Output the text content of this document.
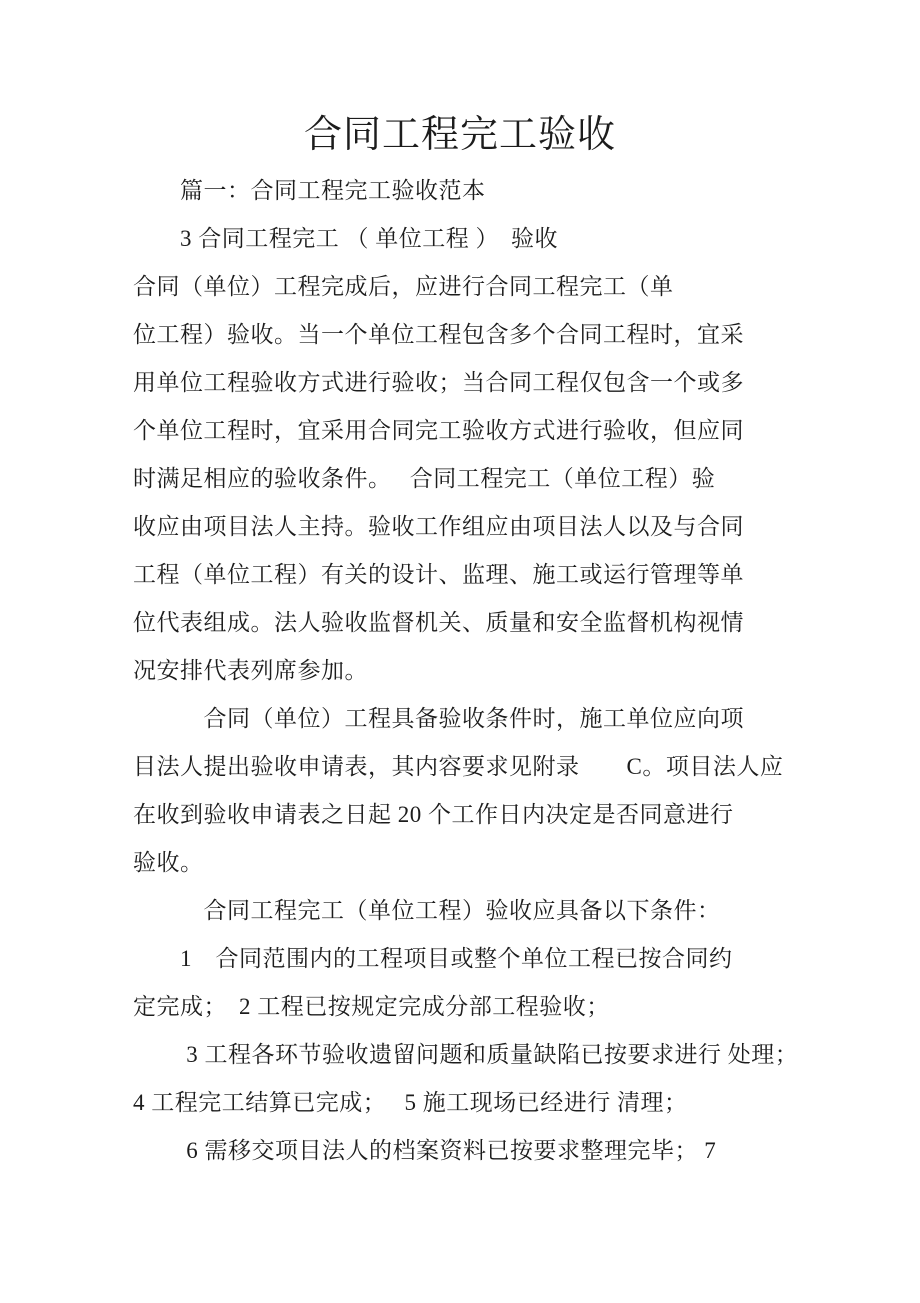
合同工程完工验收
　　篇一：合同工程完工验收范本
　　3 合同工程完工 （ 单位工程 ）　验收
合同（单位）工程完成后，应进行合同工程完工（单
位工程）验收。当一个单位工程包含多个合同工程时，宜采
用单位工程验收方式进行验收；当合同工程仅包含一个或多
个单位工程时，宜采用合同完工验收方式进行验收，但应同
时满足相应的验收条件。　 合同工程完工（单位工程）验
收应由项目法人主持。验收工作组应由项目法人以及与合同
工程（单位工程）有关的设计、监理、施工或运行管理等单
位代表组成。法人验收监督机关、质量和安全监督机构视情
况安排代表列席参加。
　　　合同（单位）工程具备验收条件时，施工单位应向项
目法人提出验收申请表，其内容要求见附录　　C。项目法人应
在收到验收申请表之日起 20 个工作日内决定是否同意进行
验收。
　　　合同工程完工（单位工程）验收应具备以下条件：
　　1　合同范围内的工程项目或整个单位工程已按合同约
定完成；　2 工程已按规定完成分部工程验收；
　　 3 工程各环节验收遗留问题和质量缺陷已按要求进行 处理；
4 工程完工结算已完成；　 5 施工现场已经进行 清理；
　　 6 需移交项目法人的档案资料已按要求整理完毕； 7
